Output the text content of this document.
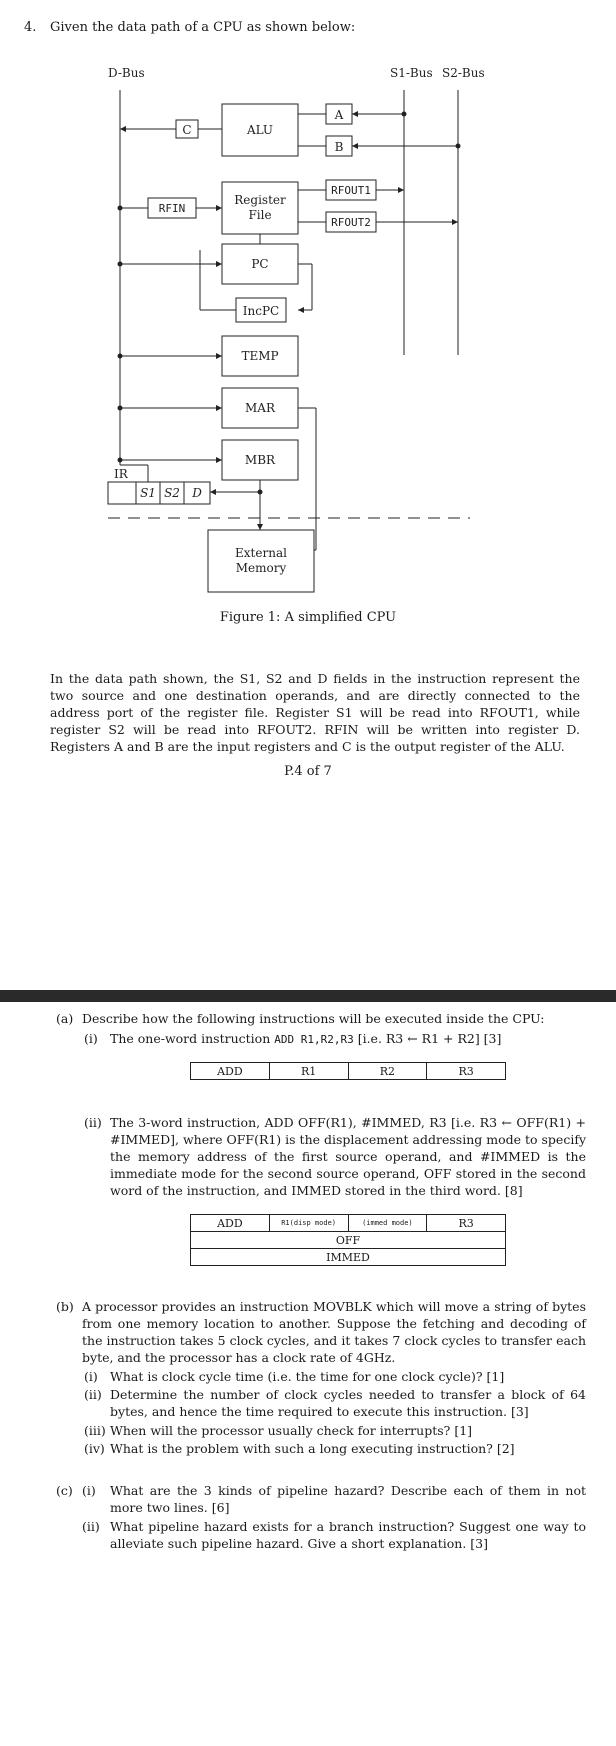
4. Given the data path of a CPU as shown below:
D-Bus	S1-Bus S2-Bus
ALU
A
B
C
RFIN
Register
File
RFOUT1
RFOUT2
PC
IncPC
TEMP
MAR
MBR
IR
S1 S2 D
External
Memory
Figure 1: A simplified CPU
In the data path shown, the S1, S2 and D fields in the instruction represent the two source and one destination operands, and are directly connected to the address port of the register file. Register S1 will be read into RFOUT1, while register S2 will be read into RFOUT2. RFIN will be written into register D. Registers A and B are the input registers and C is the output register of the ALU.
P.4 of 7
(a) Describe how the following instructions will be executed inside the CPU:
(i) The one-word instruction ADD R1,R2,R3 [i.e. R3 ← R1 + R2] [3]
ADD	R1	R2	R3
(ii) The 3-word instruction, ADD OFF(R1), #IMMED, R3 [i.e. R3 ← OFF(R1) + #IMMED], where OFF(R1) is the displacement addressing mode to specify the memory address of the first source operand, and #IMMED is the immediate mode for the second source operand, OFF stored in the second word of the instruction, and IMMED stored in the third word. [8]
ADD	R1(disp mode)	(immed mode)	R3
OFF
IMMED
(b) A processor provides an instruction MOVBLK which will move a string of bytes from one memory location to another. Suppose the fetching and decoding of the instruction takes 5 clock cycles, and it takes 7 clock cycles to transfer each byte, and the processor has a clock rate of 4GHz.
(i) What is clock cycle time (i.e. the time for one clock cycle)? [1]
(ii) Determine the number of clock cycles needed to transfer a block of 64 bytes, and hence the time required to execute this instruction. [3]
(iii) When will the processor usually check for interrupts? [1]
(iv) What is the problem with such a long executing instruction? [2]
(c) (i) What are the 3 kinds of pipeline hazard? Describe each of them in not more two lines. [6]
(ii) What pipeline hazard exists for a branch instruction? Suggest one way to alleviate such pipeline hazard. Give a short explanation. [3]
